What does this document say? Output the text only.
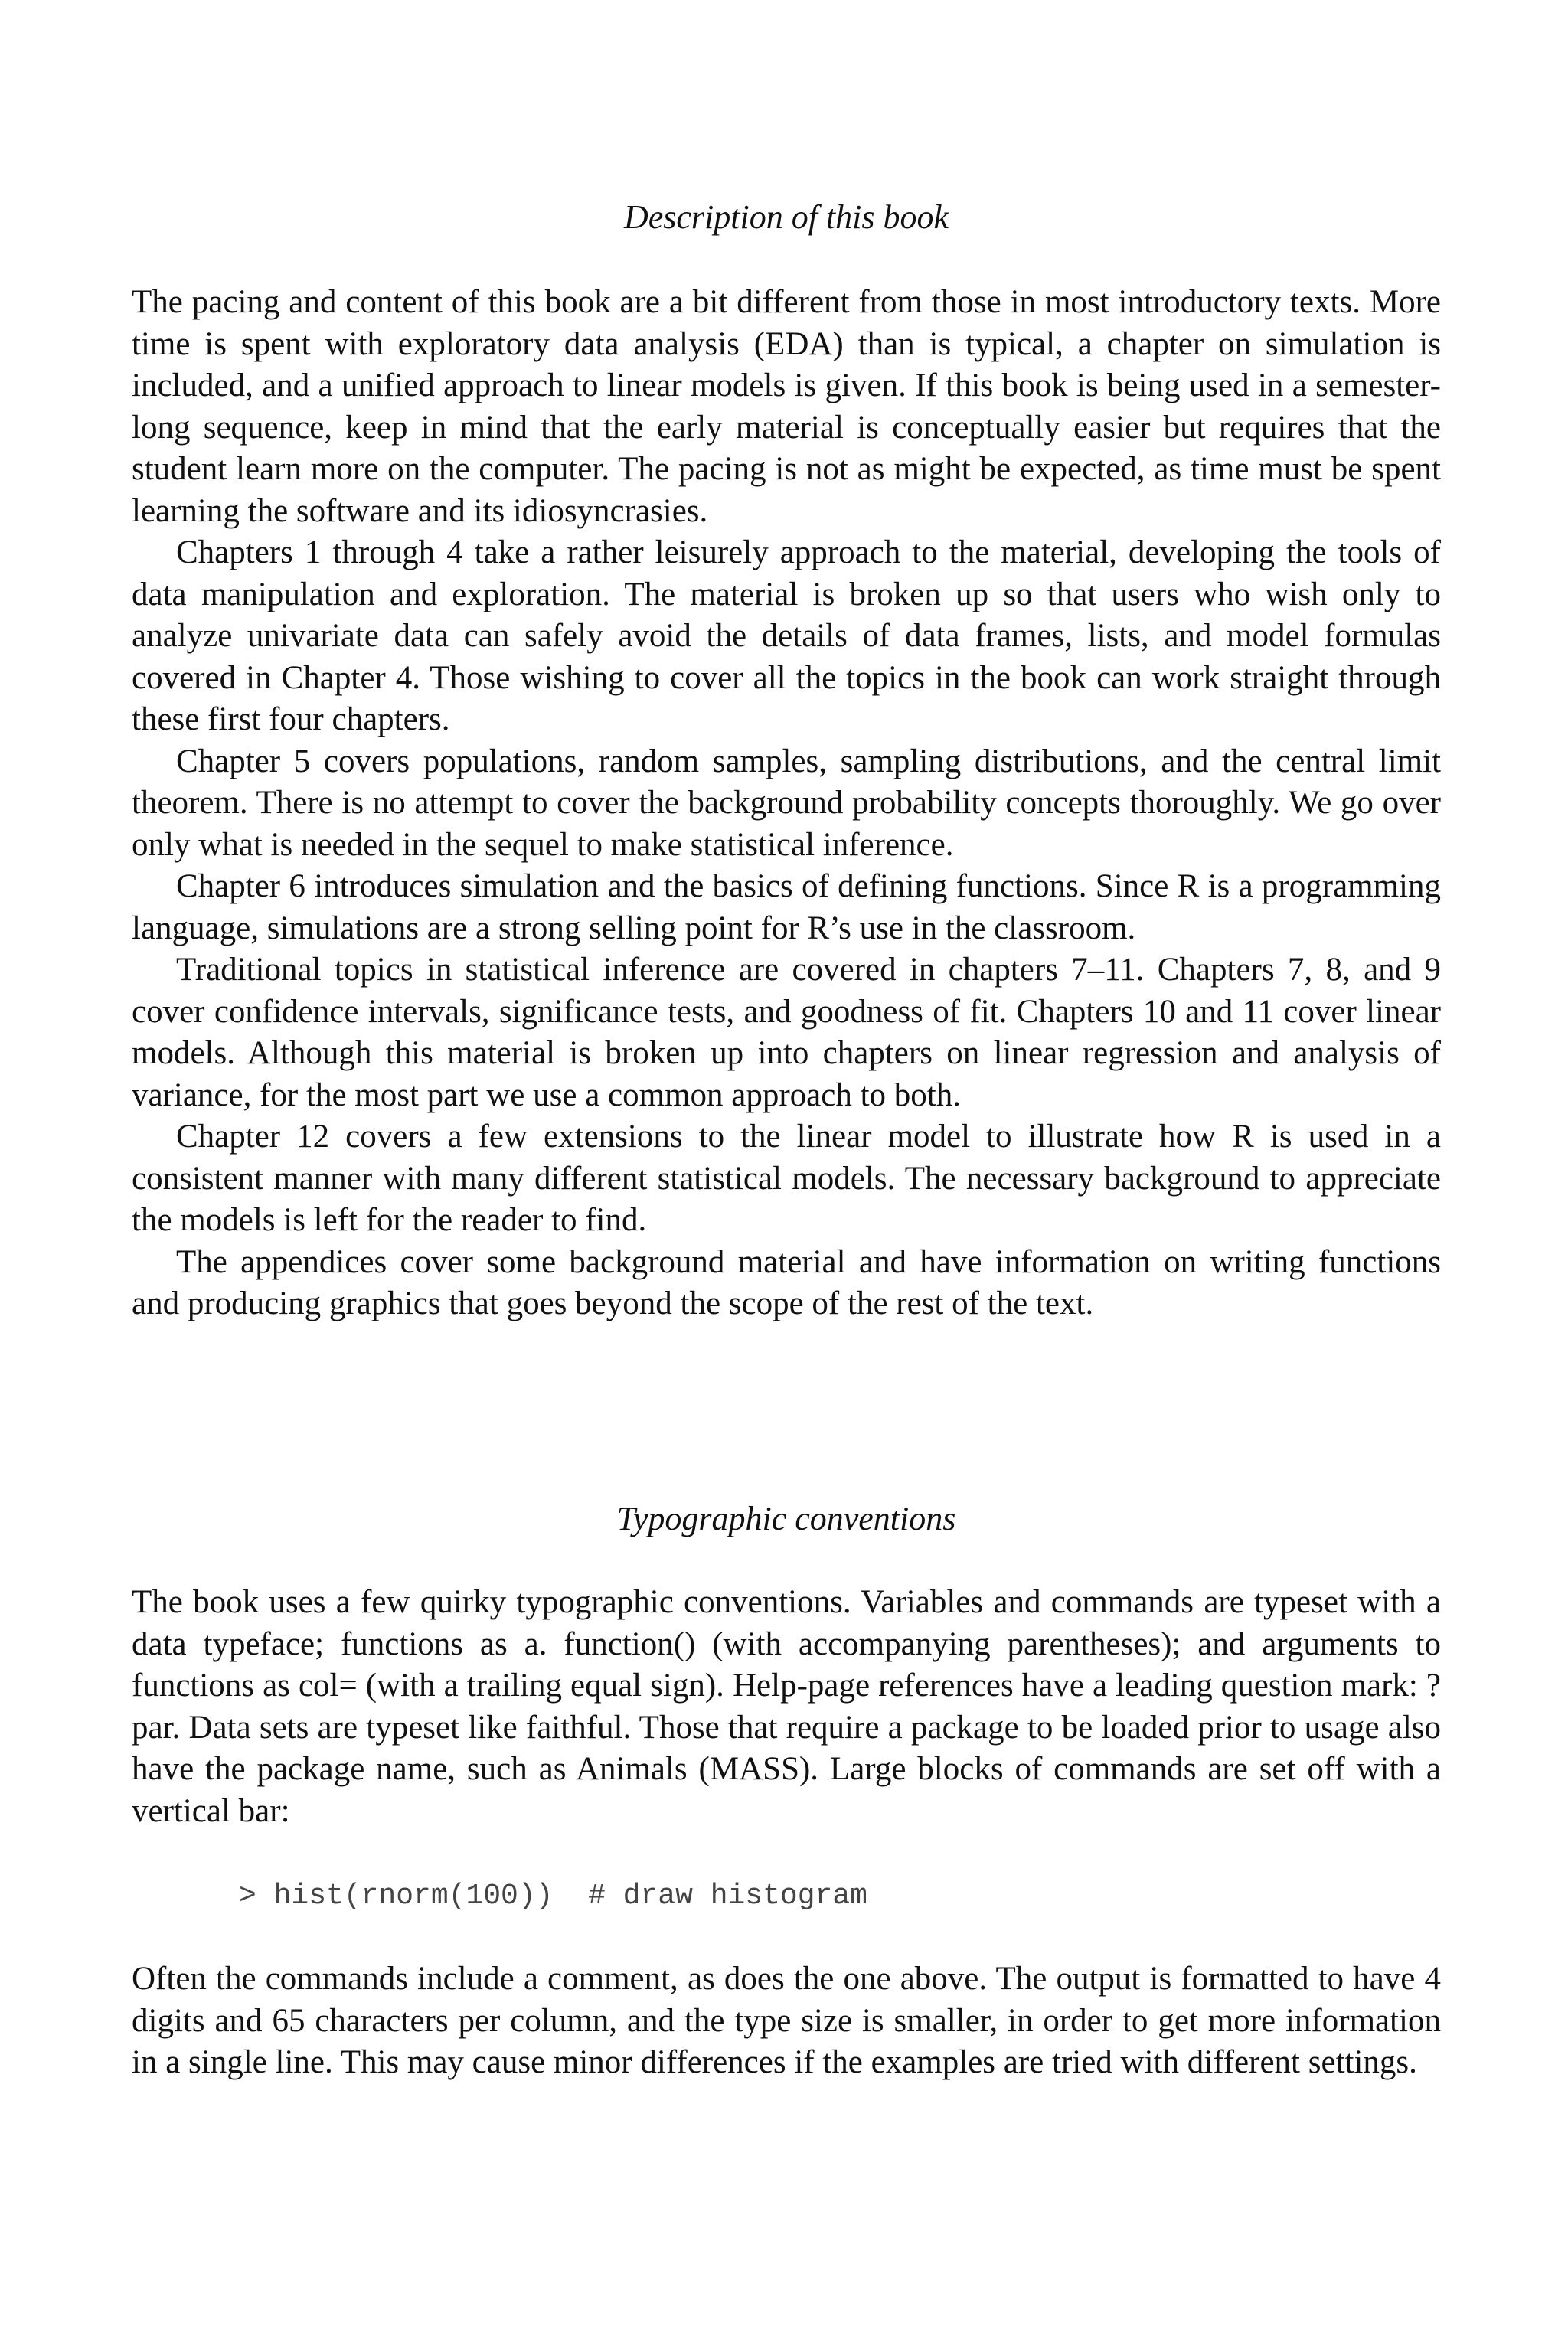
Description of this book

The pacing and content of this book are a bit different from those in most introductory texts. More time is spent with exploratory data analysis (EDA) than is typical, a chapter on simulation is included, and a unified approach to linear models is given. If this book is being used in a semester-long sequence, keep in mind that the early material is conceptually easier but requires that the student learn more on the computer. The pacing is not as might be expected, as time must be spent learning the software and its idiosyncrasies.

Chapters 1 through 4 take a rather leisurely approach to the material, developing the tools of data manipulation and exploration. The material is broken up so that users who wish only to analyze univariate data can safely avoid the details of data frames, lists, and model formulas covered in Chapter 4. Those wishing to cover all the topics in the book can work straight through these first four chapters.

Chapter 5 covers populations, random samples, sampling distributions, and the central limit theorem. There is no attempt to cover the background probability concepts thoroughly. We go over only what is needed in the sequel to make statistical inference.

Chapter 6 introduces simulation and the basics of defining functions. Since R is a programming language, simulations are a strong selling point for R’s use in the classroom.

Traditional topics in statistical inference are covered in chapters 7–11. Chapters 7, 8, and 9 cover confidence intervals, significance tests, and goodness of fit. Chapters 10 and 11 cover linear models. Although this material is broken up into chapters on linear regression and analysis of variance, for the most part we use a common approach to both.

Chapter 12 covers a few extensions to the linear model to illustrate how R is used in a consistent manner with many different statistical models. The necessary background to appreciate the models is left for the reader to find.

The appendices cover some background material and have information on writing functions and producing graphics that goes beyond the scope of the rest of the text.

Typographic conventions

The book uses a few quirky typographic conventions. Variables and commands are typeset with a data typeface; functions as a. function() (with accompanying parentheses); and arguments to functions as col= (with a trailing equal sign). Help-page references have a leading question mark: ?par. Data sets are typeset like faithful. Those that require a package to be loaded prior to usage also have the package name, such as Animals (MASS). Large blocks of commands are set off with a vertical bar:

> hist(rnorm(100))  # draw histogram

Often the commands include a comment, as does the one above. The output is formatted to have 4 digits and 65 characters per column, and the type size is smaller, in order to get more information in a single line. This may cause minor differences if the examples are tried with different settings.
